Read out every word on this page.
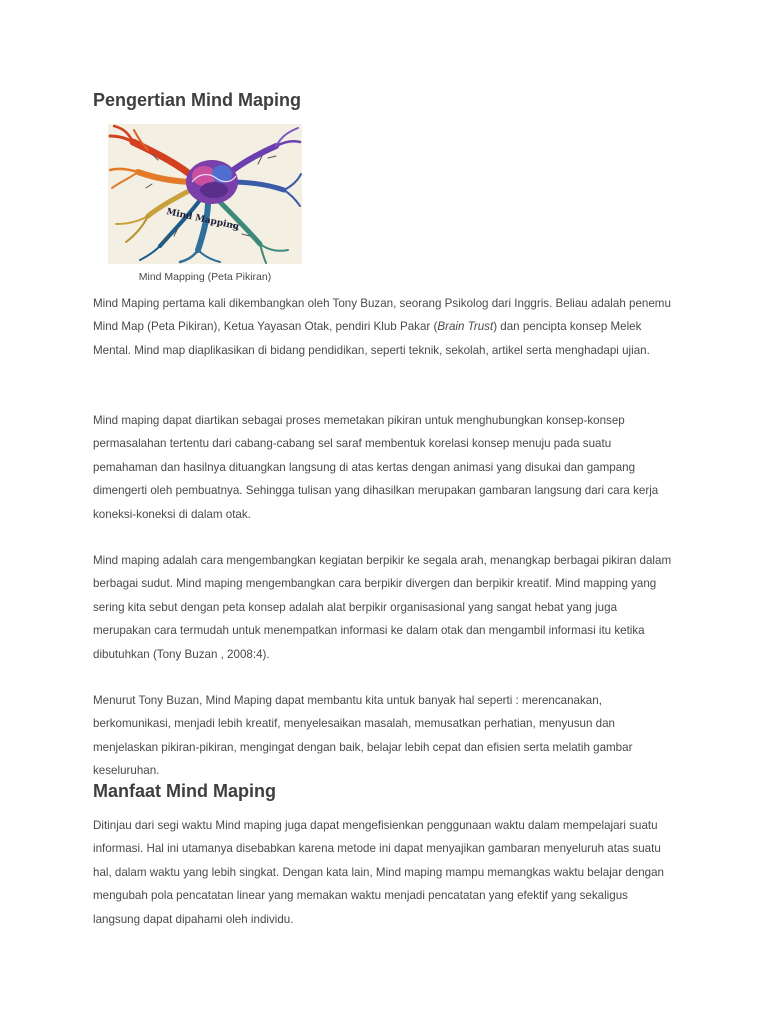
Pengertian Mind Maping
Mind Mapping
Mind Mapping (Peta Pikiran)

Mind Maping pertama kali dikembangkan oleh Tony Buzan, seorang Psikolog dari Inggris. Beliau adalah penemu  Mind Map (Peta Pikiran), Ketua Yayasan Otak, pendiri Klub Pakar (Brain Trust) dan pencipta konsep Melek Mental. Mind map diaplikasikan di bidang pendidikan, seperti teknik, sekolah, artikel serta menghadapi ujian.

Mind maping dapat diartikan sebagai proses memetakan pikiran untuk menghubungkan konsep-konsep permasalahan tertentu dari cabang-cabang sel saraf membentuk korelasi konsep menuju pada suatu pemahaman dan hasilnya dituangkan langsung di atas kertas dengan animasi yang disukai dan gampang dimengerti oleh pembuatnya. Sehingga tulisan yang dihasilkan merupakan gambaran langsung dari cara kerja koneksi-koneksi di dalam otak.

Mind maping adalah cara mengembangkan kegiatan berpikir ke segala arah, menangkap berbagai pikiran dalam berbagai sudut. Mind maping mengembangkan cara berpikir divergen dan berpikir kreatif. Mind mapping yang sering kita sebut dengan peta konsep adalah alat berpikir organisasional yang sangat hebat yang juga merupakan cara termudah untuk menempatkan informasi ke dalam otak dan mengambil informasi itu ketika dibutuhkan (Tony Buzan , 2008:4).

Menurut Tony Buzan, Mind Maping dapat membantu kita untuk banyak hal seperti : merencanakan, berkomunikasi, menjadi lebih kreatif, menyelesaikan masalah, memusatkan perhatian, menyusun dan menjelaskan pikiran-pikiran, mengingat dengan baik, belajar lebih cepat dan efisien serta melatih gambar keseluruhan.

Manfaat Mind Maping

Ditinjau dari segi waktu Mind maping juga dapat mengefisienkan penggunaan waktu dalam mempelajari suatu informasi. Hal ini utamanya disebabkan karena metode ini dapat menyajikan gambaran menyeluruh atas suatu hal, dalam waktu yang lebih singkat. Dengan kata lain, Mind maping mampu memangkas waktu belajar dengan mengubah pola pencatatan linear yang memakan waktu menjadi pencatatan yang efektif yang sekaligus langsung dapat dipahami oleh individu.
